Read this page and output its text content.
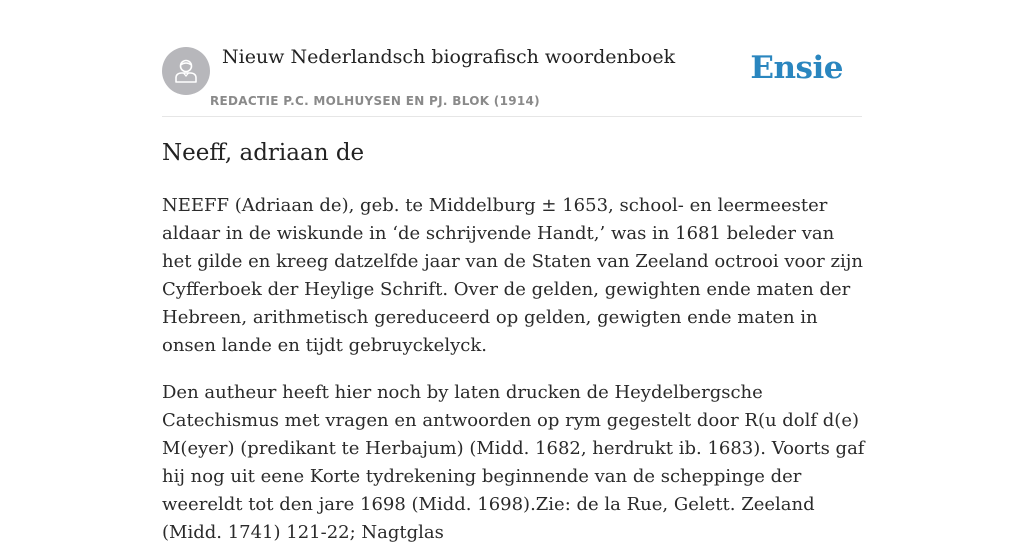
Nieuw Nederlandsch biografisch woordenboek
REDACTIE P.C. MOLHUYSEN EN PJ. BLOK (1914)
Ensie
Neeff, adriaan de

NEEFF (Adriaan de), geb. te Middelburg ± 1653, school- en leermeester aldaar in de wiskunde in ‘de schrijvende Handt,’ was in 1681 beleder van het gilde en kreeg datzelfde jaar van de Staten van Zeeland octrooi voor zijn Cyfferboek der Heylige Schrift. Over de gelden, gewighten ende maten der Hebreen, arithmetisch gereduceerd op gelden, gewigten ende maten in onsen lande en tijdt gebruyckelyck.

Den autheur heeft hier noch by laten drucken de Heydelbergsche Catechismus met vragen en antwoorden op rym gegestelt door R(u dolf d(e) M(eyer) (predikant te Herbajum) (Midd. 1682, herdrukt ib. 1683). Voorts gaf hij nog uit eene Korte tydrekening beginnende van de scheppinge der weereldt tot den jare 1698 (Midd. 1698).Zie: de la Rue, Gelett. Zeeland (Midd. 1741) 121-22; Nagtglas
